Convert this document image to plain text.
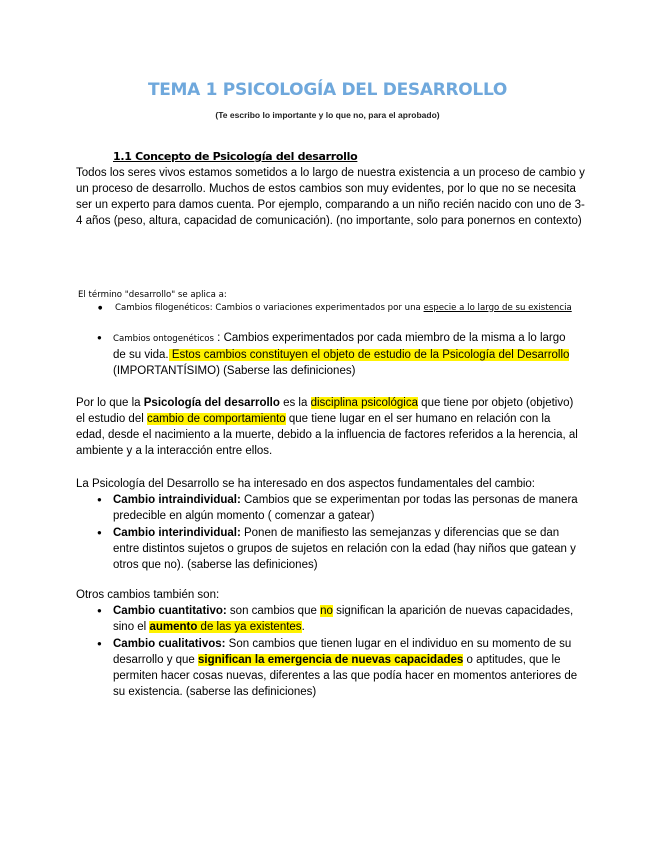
TEMA 1 PSICOLOGÍA DEL DESARROLLO
(Te escribo lo importante y lo que no, para el aprobado)
1.1 Concepto de Psicología del desarrollo
Todos los seres vivos estamos sometidos a lo largo de nuestra existencia a un proceso de cambio y un proceso de desarrollo. Muchos de estos cambios son muy evidentes, por lo que no se necesita ser un experto para damos cuenta. Por ejemplo, comparando a un niño recién nacido con uno de 3-4 años (peso, altura, capacidad de comunicación). (no importante, solo para ponernos en contexto)
El término "desarrollo" se aplica a:
● Cambios filogenéticos: Cambios o variaciones experimentados por una especie a lo largo de su existencia
● Cambios ontogenéticos : Cambios experimentados por cada miembro de la misma a lo largo de su vida. Estos cambios constituyen el objeto de estudio de la Psicología del Desarrollo (IMPORTANTÍSIMO) (Saberse las definiciones)
Por lo que la Psicología del desarrollo es la disciplina psicológica que tiene por objeto (objetivo) el estudio del cambio de comportamiento que tiene lugar en el ser humano en relación con la edad, desde el nacimiento a la muerte, debido a la influencia de factores referidos a la herencia, al ambiente y a la interacción entre ellos.
La Psicología del Desarrollo se ha interesado en dos aspectos fundamentales del cambio:
● Cambio intraindividual: Cambios que se experimentan por todas las personas de manera predecible en algún momento ( comenzar a gatear)
● Cambio interindividual: Ponen de manifiesto las semejanzas y diferencias que se dan entre distintos sujetos o grupos de sujetos en relación con la edad (hay niños que gatean y otros que no). (saberse las definiciones)
Otros cambios también son:
● Cambio cuantitativo: son cambios que no significan la aparición de nuevas capacidades, sino el aumento de las ya existentes.
● Cambio cualitativos: Son cambios que tienen lugar en el individuo en su momento de su desarrollo y que significan la emergencia de nuevas capacidades o aptitudes, que le permiten hacer cosas nuevas, diferentes a las que podía hacer en momentos anteriores de su existencia. (saberse las definiciones)
